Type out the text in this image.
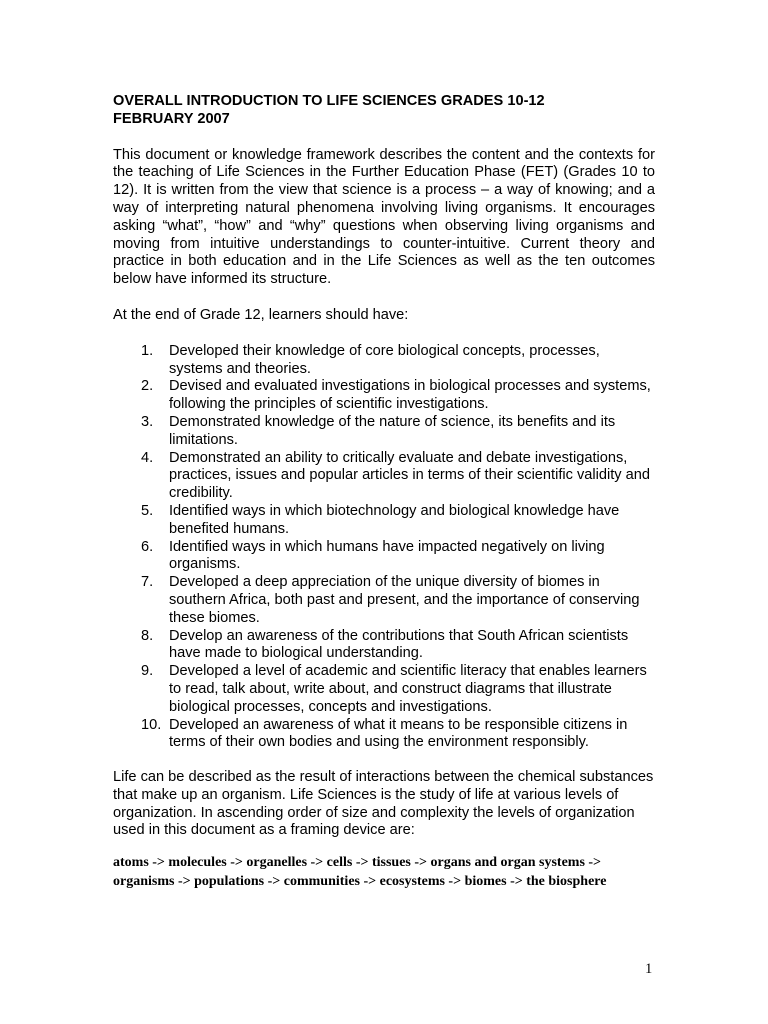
OVERALL INTRODUCTION TO LIFE SCIENCES GRADES 10-12
FEBRUARY 2007

This document or knowledge framework describes the content and the contexts for the teaching of Life Sciences in the Further Education Phase (FET) (Grades 10 to 12). It is written from the view that science is a process – a way of knowing; and a way of interpreting natural phenomena involving living organisms. It encourages asking “what”, “how” and “why” questions when observing living organisms and moving from intuitive understandings to counter-intuitive. Current theory and practice in both education and in the Life Sciences as well as the ten outcomes below have informed its structure.

At the end of Grade 12, learners should have:

1.	Developed their knowledge of core biological concepts, processes, systems and theories.
2.	Devised and evaluated investigations in biological processes and systems, following the principles of scientific investigations.
3.	Demonstrated knowledge of the nature of science, its benefits and its limitations.
4.	Demonstrated an ability to critically evaluate and debate investigations, practices, issues and popular articles in terms of their scientific validity and credibility.
5.	Identified ways in which biotechnology and biological knowledge have benefited humans.
6.	Identified ways in which humans have impacted negatively on living organisms.
7.	Developed a deep appreciation of the unique diversity of biomes in southern Africa, both past and present, and the importance of conserving these biomes.
8.	Develop an awareness of the contributions that South African scientists have made to biological understanding.
9.	Developed a level of academic and scientific literacy that enables learners to read, talk about, write about, and construct diagrams that illustrate biological processes, concepts and investigations.
10. Developed an awareness of what it means to be responsible citizens in terms of their own bodies and using the environment responsibly.

Life can be described as the result of interactions between the chemical substances that make up an organism. Life Sciences is the study of life at various levels of organization. In ascending order of size and complexity the levels of organization used in this document as a framing device are:

atoms -> molecules -> organelles -> cells -> tissues -> organs and organ systems ->
organisms -> populations -> communities -> ecosystems -> biomes -> the biosphere

1
